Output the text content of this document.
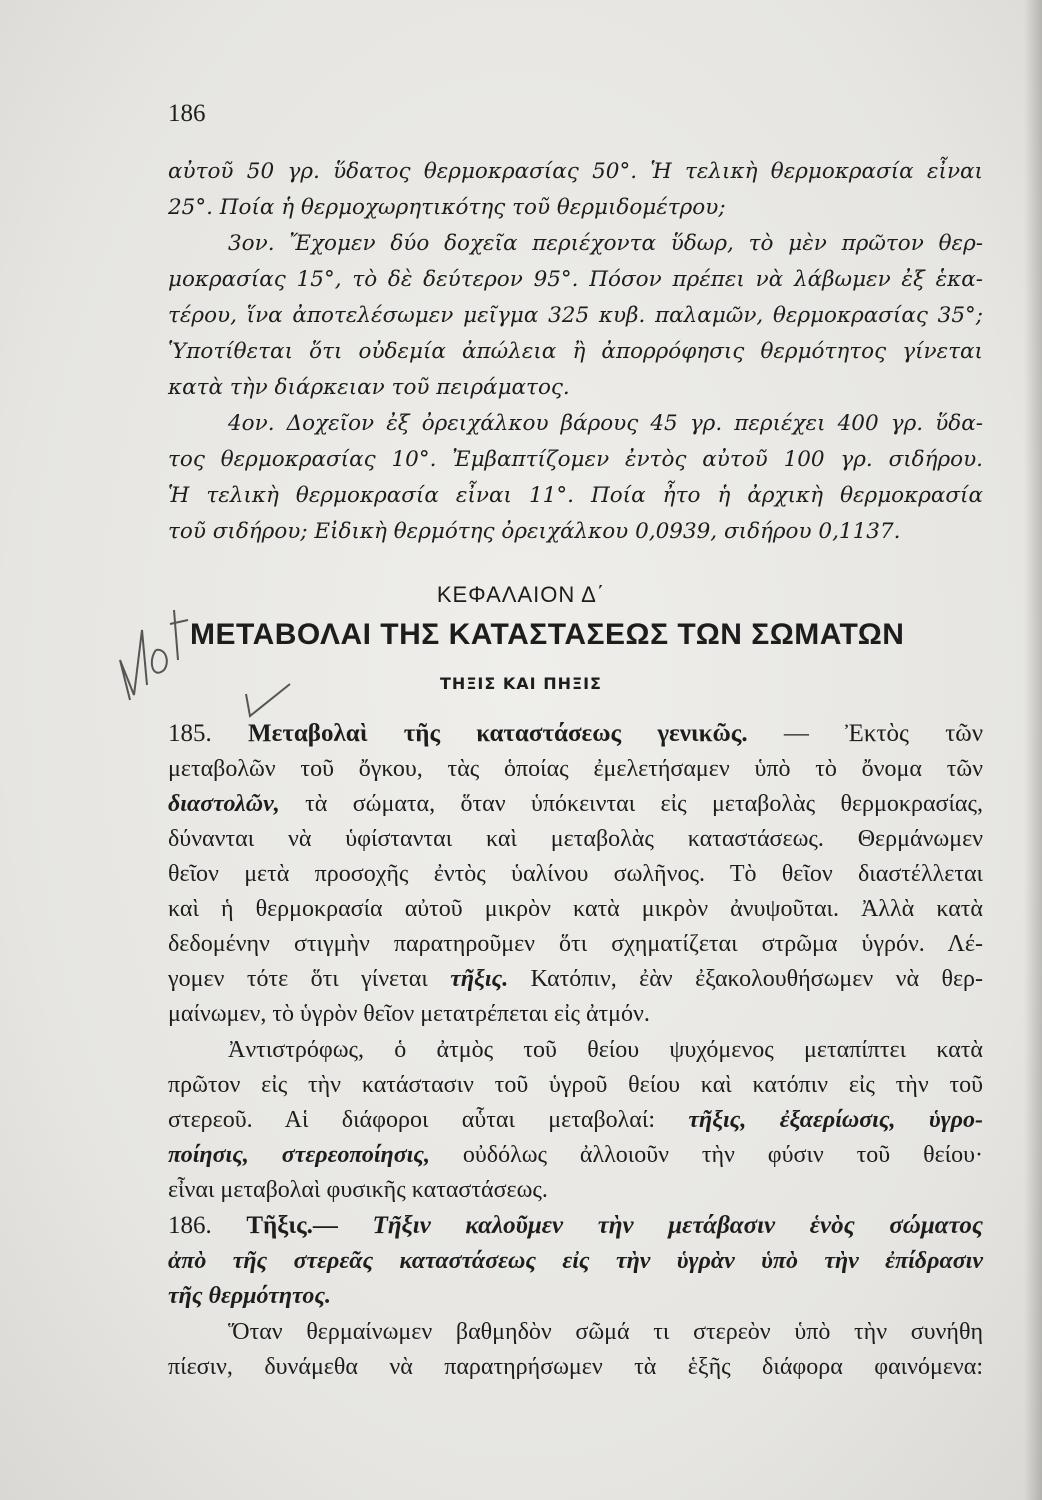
186
αὐτοῦ 50 γρ. ὕδατος θερμοκρασίας 50°. Ἡ τελικὴ θερμοκρασία εἶναι
25°. Ποία ἡ θερμοχωρητικότης τοῦ θερμιδομέτρου;
3ον. Ἔχομεν δύο δοχεῖα περιέχοντα ὕδωρ, τὸ μὲν πρῶτον θερ-
μοκρασίας 15°, τὸ δὲ δεύτερον 95°. Πόσον πρέπει νὰ λάβωμεν ἐξ ἑκα-
τέρου, ἵνα ἀποτελέσωμεν μεῖγμα 325 κυβ. παλαμῶν, θερμοκρασίας 35°;
Ὑποτίθεται ὅτι οὐδεμία ἀπώλεια ἢ ἀπορρόφησις θερμότητος γίνεται
κατὰ τὴν διάρκειαν τοῦ πειράματος.
4ον. Δοχεῖον ἐξ ὀρειχάλκου βάρους 45 γρ. περιέχει 400 γρ. ὕδα-
τος θερμοκρασίας 10°. Ἐμβαπτίζομεν ἐντὸς αὐτοῦ 100 γρ. σιδήρου.
Ἡ τελικὴ θερμοκρασία εἶναι 11°. Ποία ἦτο ἡ ἀρχικὴ θερμοκρασία
τοῦ σιδήρου; Εἰδικὴ θερμότης ὀρειχάλκου 0,0939, σιδήρου 0,1137.
ΚΕΦΑΛΑΙΟΝ Δ΄
Nai
ΜΕΤΑΒΟΛΑΙ ΤΗΣ ΚΑΤΑΣΤΑΣΕΩΣ ΤΩΝ ΣΩΜΑΤΩΝ
ΤΗΞΙΣ ΚΑΙ ΠΗΞΙΣ
185. Μεταβολαὶ τῆς καταστάσεως γενικῶς. — Ἐκτὸς τῶν
μεταβολῶν τοῦ ὄγκου, τὰς ὁποίας ἐμελετήσαμεν ὑπὸ τὸ ὄνομα τῶν
διαστολῶν, τὰ σώματα, ὅταν ὑπόκεινται εἰς μεταβολὰς θερμοκρασίας,
δύνανται νὰ ὑφίστανται καὶ μεταβολὰς καταστάσεως. Θερμάνωμεν
θεῖον μετὰ προσοχῆς ἐντὸς ὑαλίνου σωλῆνος. Τὸ θεῖον διαστέλλεται
καὶ ἡ θερμοκρασία αὐτοῦ μικρὸν κατὰ μικρὸν ἀνυψοῦται. Ἀλλὰ κατὰ
δεδομένην στιγμὴν παρατηροῦμεν ὅτι σχηματίζεται στρῶμα ὑγρόν. Λέ-
γομεν τότε ὅτι γίνεται τῆξις. Κατόπιν, ἐὰν ἐξακολουθήσωμεν νὰ θερ-
μαίνωμεν, τὸ ὑγρὸν θεῖον μετατρέπεται εἰς ἀτμόν.
Ἀντιστρόφως, ὁ ἀτμὸς τοῦ θείου ψυχόμενος μεταπίπτει κατὰ
πρῶτον εἰς τὴν κατάστασιν τοῦ ὑγροῦ θείου καὶ κατόπιν εἰς τὴν τοῦ
στερεοῦ. Αἱ διάφοροι αὗται μεταβολαί: τῆξις, ἐξαερίωσις, ὑγρο-
ποίησις, στερεοποίησις, οὐδόλως ἀλλοιοῦν τὴν φύσιν τοῦ θείου·
εἶναι μεταβολαὶ φυσικῆς καταστάσεως.
186. Τῆξις.— Τῆξιν καλοῦμεν τὴν μετάβασιν ἑνὸς σώματος
ἀπὸ τῆς στερεᾶς καταστάσεως εἰς τὴν ὑγρὰν ὑπὸ τὴν ἐπίδρασιν
τῆς θερμότητος.
Ὅταν θερμαίνωμεν βαθμηδὸν σῶμά τι στερεὸν ὑπὸ τὴν συνήθη
πίεσιν, δυνάμεθα νὰ παρατηρήσωμεν τὰ ἑξῆς διάφορα φαινόμενα:
